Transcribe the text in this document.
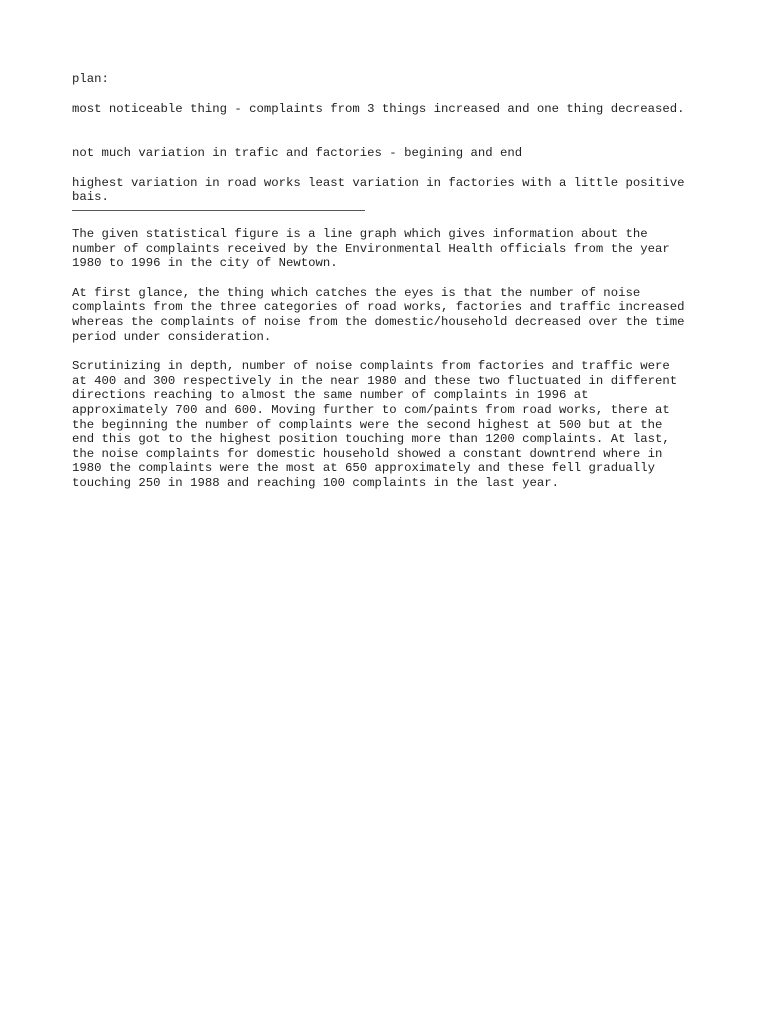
plan:

most noticeable thing - complaints from 3 things increased and one thing decreased.

not much variation in trafic and factories - begining and end

highest variation in road works least variation in factories with a little positive
bais.

The given statistical figure is a line graph which gives information about the
number of complaints received by the Environmental Health officials from the year
1980 to 1996 in the city of Newtown.

At first glance, the thing which catches the eyes is that the number of noise
complaints from the three categories of road works, factories and traffic increased
whereas the complaints of noise from the domestic/household decreased over the time
period under consideration.

Scrutinizing in depth, number of noise complaints from factories and traffic were
at 400 and 300 respectively in the near 1980 and these two fluctuated in different
directions reaching to almost the same number of complaints in 1996 at
approximately 700 and 600. Moving further to com/paints from road works, there at
the beginning the number of complaints were the second highest at 500 but at the
end this got to the highest position touching more than 1200 complaints. At last,
the noise complaints for domestic household showed a constant downtrend where in
1980 the complaints were the most at 650 approximately and these fell gradually
touching 250 in 1988 and reaching 100 complaints in the last year.
